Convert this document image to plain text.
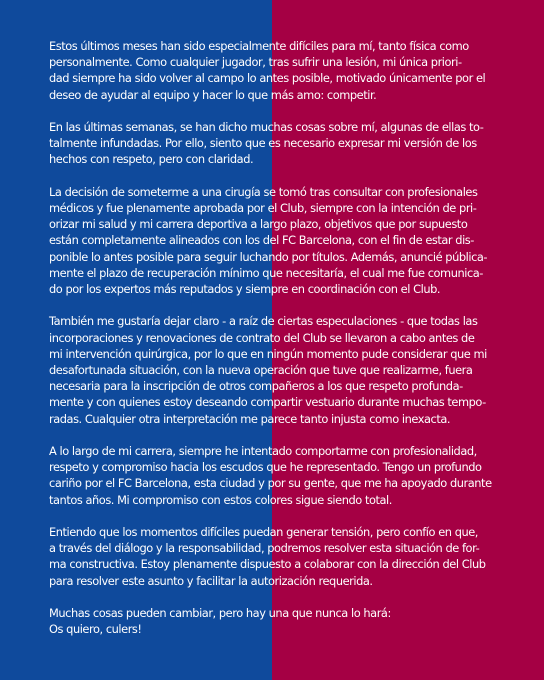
Estos últimos meses han sido especialmente difíciles para mí, tanto física como
personalmente. Como cualquier jugador, tras sufrir una lesión, mi única priori-
dad siempre ha sido volver al campo lo antes posible, motivado únicamente por el
deseo de ayudar al equipo y hacer lo que más amo: competir.

En las últimas semanas, se han dicho muchas cosas sobre mí, algunas de ellas to-
talmente infundadas. Por ello, siento que es necesario expresar mi versión de los
hechos con respeto, pero con claridad.

La decisión de someterme a una cirugía se tomó tras consultar con profesionales
médicos y fue plenamente aprobada por el Club, siempre con la intención de pri-
orizar mi salud y mi carrera deportiva a largo plazo, objetivos que por supuesto
están completamente alineados con los del FC Barcelona, con el fin de estar dis-
ponible lo antes posible para seguir luchando por títulos. Además, anuncié pública-
mente el plazo de recuperación mínimo que necesitaría, el cual me fue comunica-
do por los expertos más reputados y siempre en coordinación con el Club.

También me gustaría dejar claro - a raíz de ciertas especulaciones - que todas las
incorporaciones y renovaciones de contrato del Club se llevaron a cabo antes de
mi intervención quirúrgica, por lo que en ningún momento pude considerar que mi
desafortunada situación, con la nueva operación que tuve que realizarme, fuera
necesaria para la inscripción de otros compañeros a los que respeto profunda-
mente y con quienes estoy deseando compartir vestuario durante muchas tempo-
radas. Cualquier otra interpretación me parece tanto injusta como inexacta.

A lo largo de mi carrera, siempre he intentado comportarme con profesionalidad,
respeto y compromiso hacia los escudos que he representado. Tengo un profundo
cariño por el FC Barcelona, esta ciudad y por su gente, que me ha apoyado durante
tantos años. Mi compromiso con estos colores sigue siendo total.

Entiendo que los momentos difíciles puedan generar tensión, pero confío en que,
a través del diálogo y la responsabilidad, podremos resolver esta situación de for-
ma constructiva. Estoy plenamente dispuesto a colaborar con la dirección del Club
para resolver este asunto y facilitar la autorización requerida.

Muchas cosas pueden cambiar, pero hay una que nunca lo hará:
Os quiero, culers!
